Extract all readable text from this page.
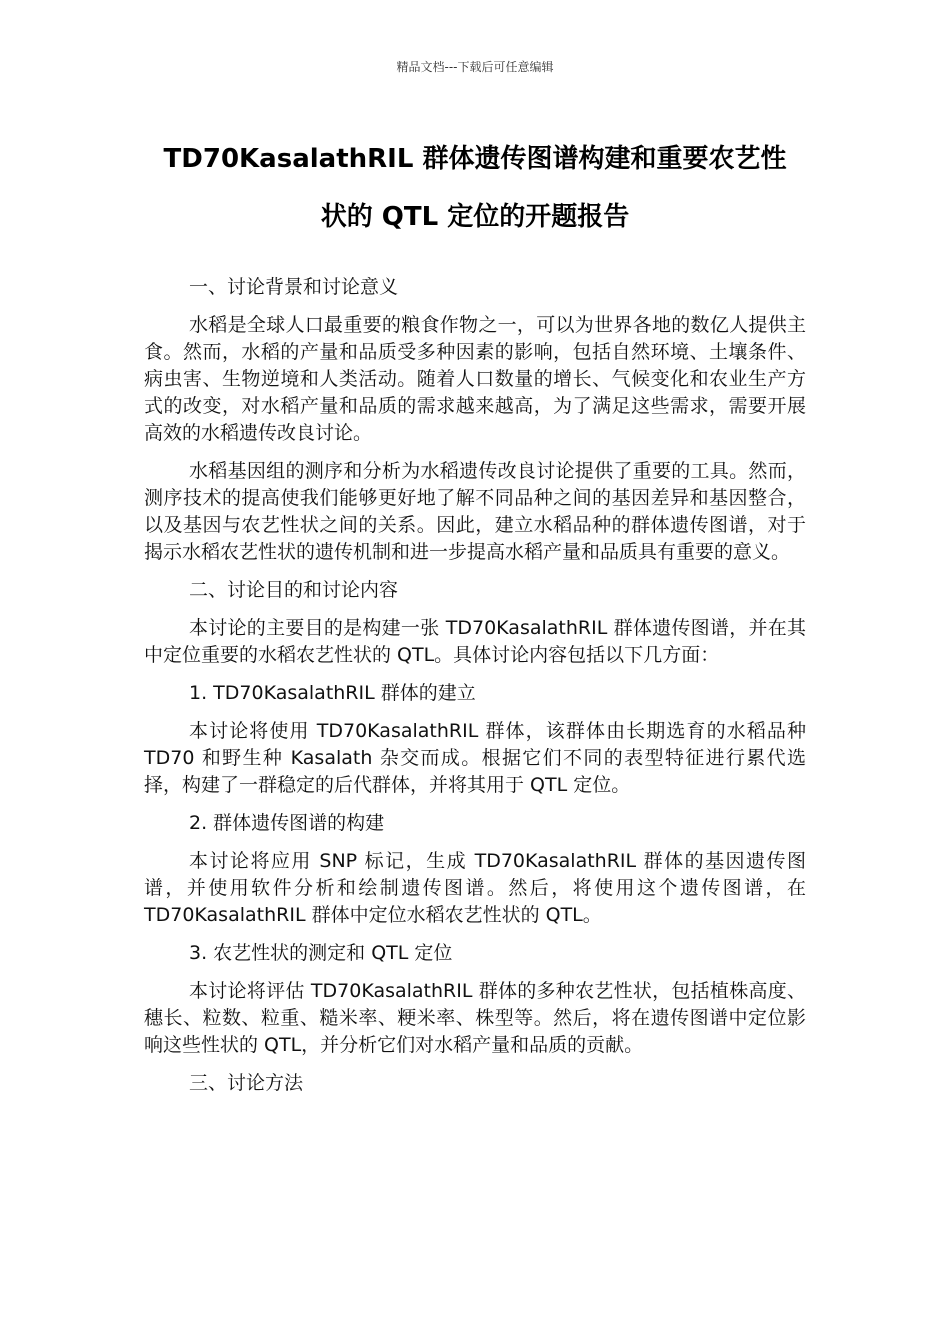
精品文档---下载后可任意编辑
TD70KasalathRIL 群体遗传图谱构建和重要农艺性
状的 QTL 定位的开题报告

一、讨论背景和讨论意义

水稻是全球人口最重要的粮食作物之一，可以为世界各地的数亿人提供主食。然而，水稻的产量和品质受多种因素的影响，包括自然环境、土壤条件、病虫害、生物逆境和人类活动。随着人口数量的增长、气候变化和农业生产方式的改变，对水稻产量和品质的需求越来越高，为了满足这些需求，需要开展高效的水稻遗传改良讨论。

水稻基因组的测序和分析为水稻遗传改良讨论提供了重要的工具。然而，测序技术的提高使我们能够更好地了解不同品种之间的基因差异和基因整合，以及基因与农艺性状之间的关系。因此，建立水稻品种的群体遗传图谱，对于揭示水稻农艺性状的遗传机制和进一步提高水稻产量和品质具有重要的意义。

二、讨论目的和讨论内容

本讨论的主要目的是构建一张 TD70KasalathRIL 群体遗传图谱，并在其中定位重要的水稻农艺性状的 QTL。具体讨论内容包括以下几方面：

1. TD70KasalathRIL 群体的建立

本讨论将使用 TD70KasalathRIL 群体，该群体由长期选育的水稻品种 TD70 和野生种 Kasalath 杂交而成。根据它们不同的表型特征进行累代选择，构建了一群稳定的后代群体，并将其用于 QTL 定位。

2. 群体遗传图谱的构建

本讨论将应用 SNP 标记，生成 TD70KasalathRIL 群体的基因遗传图谱，并使用软件分析和绘制遗传图谱。然后，将使用这个遗传图谱，在 TD70KasalathRIL 群体中定位水稻农艺性状的 QTL。

3. 农艺性状的测定和 QTL 定位

本讨论将评估 TD70KasalathRIL 群体的多种农艺性状，包括植株高度、穗长、粒数、粒重、糙米率、粳米率、株型等。然后，将在遗传图谱中定位影响这些性状的 QTL，并分析它们对水稻产量和品质的贡献。

三、讨论方法
